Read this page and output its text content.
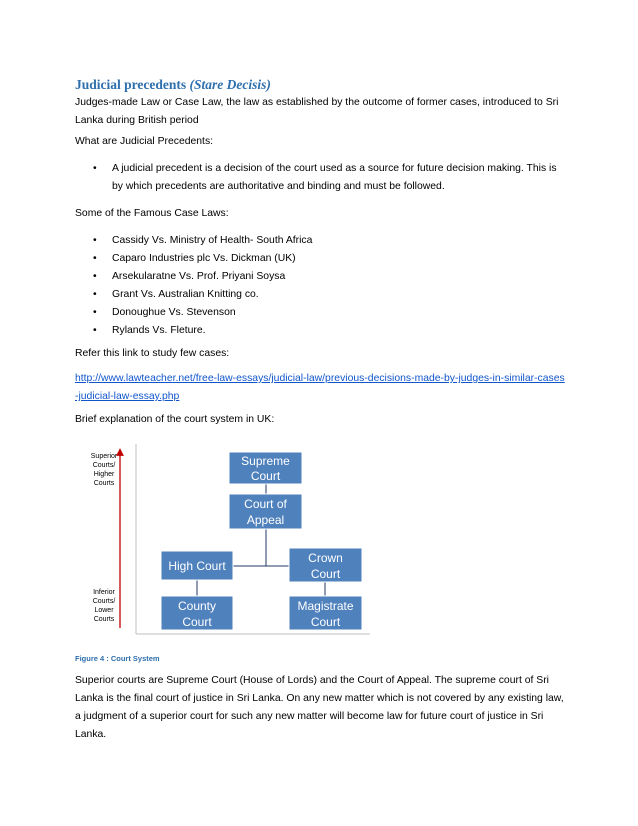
Judicial precedents (Stare Decisis)
Judges-made Law or Case Law, the law as established by the outcome of former cases, introduced to Sri Lanka during British period
What are Judicial Precedents:
• A judicial precedent is a decision of the court used as a source for future decision making. This is by which precedents are authoritative and binding and must be followed.
Some of the Famous Case Laws:
• Cassidy Vs. Ministry of Health- South Africa
• Caparo Industries plc Vs. Dickman (UK)
• Arsekularatne Vs. Prof. Priyani Soysa
• Grant Vs. Australian Knitting co.
• Donoughue Vs. Stevenson
• Rylands Vs. Fleture.
Refer this link to study few cases:
http://www.lawteacher.net/free-law-essays/judicial-law/previous-decisions-made-by-judges-in-similar-cases-judicial-law-essay.php
Brief explanation of the court system in UK:
Superior
Courts/
Higher
Courts
Inferior
Courts/
Lower
Courts
Supreme
Court
Court of
Appeal
High Court
Crown
Court
County
Court
Magistrate
Court
Figure 4 : Court System
Superior courts are Supreme Court (House of Lords) and the Court of Appeal. The supreme court of Sri Lanka is the final court of justice in Sri Lanka. On any new matter which is not covered by any existing law, a judgment of a superior court for such any new matter will become law for future court of justice in Sri Lanka.
